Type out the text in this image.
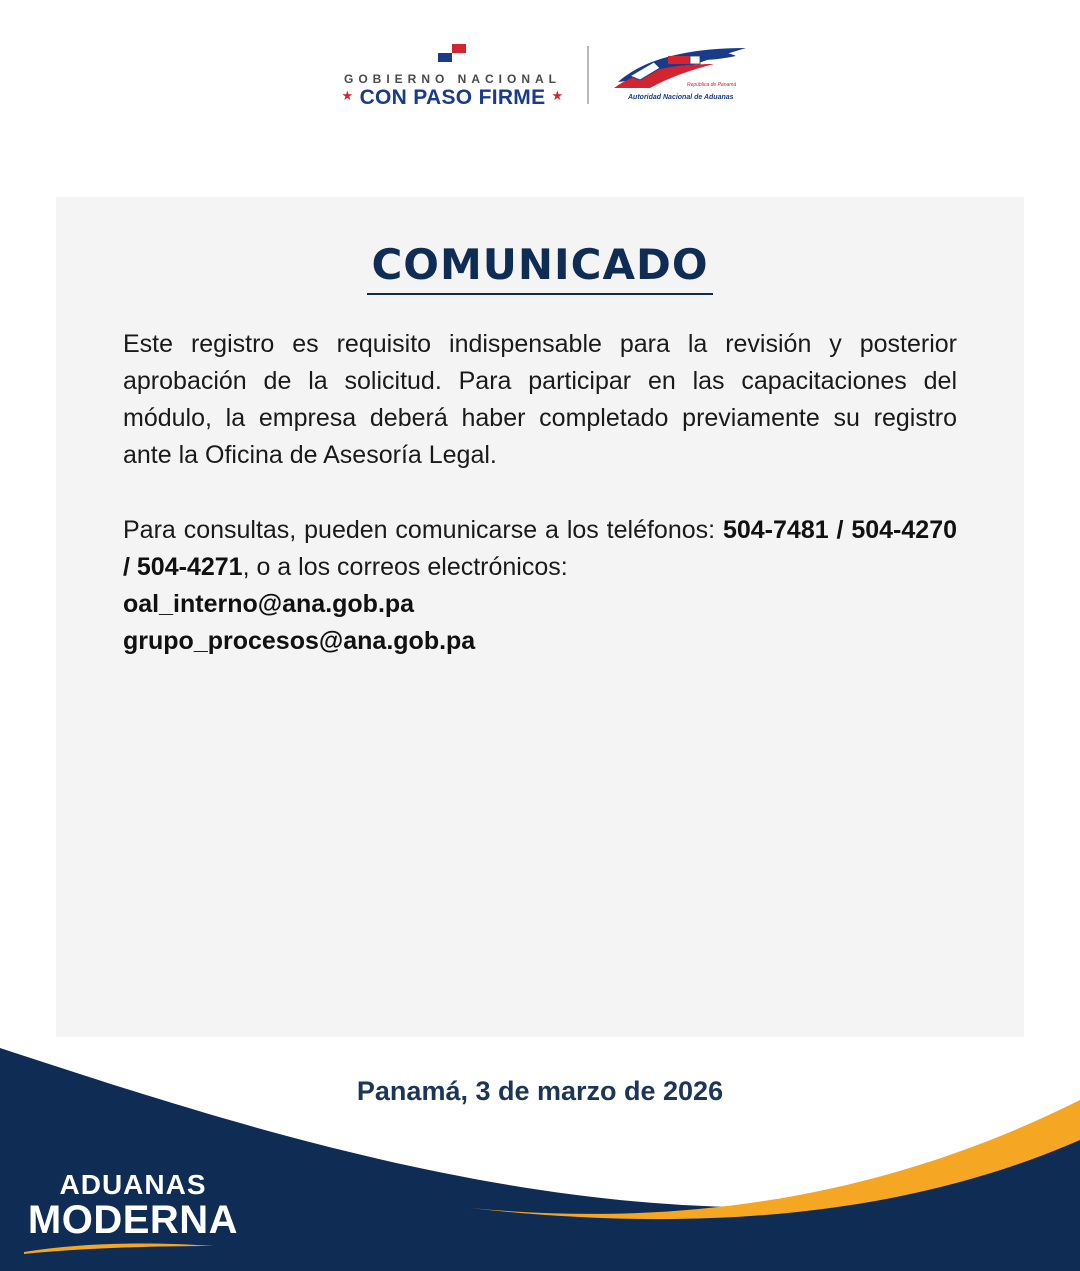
GOBIERNO NACIONAL
★ CON PASO FIRME ★
República de Panamá
Autoridad Nacional de Aduanas
COMUNICADO
Este registro es requisito indispensable para la revisión y posterior aprobación de la solicitud. Para participar en las capacitaciones del módulo, la empresa deberá haber completado previamente su registro ante la Oficina de Asesoría Legal.
Para consultas, pueden comunicarse a los teléfonos: 504-7481 / 504-4270 / 504-4271, o a los correos electrónicos:
oal_interno@ana.gob.pa
grupo_procesos@ana.gob.pa
Panamá, 3 de marzo de 2026
ADUANAS
MODERNA
